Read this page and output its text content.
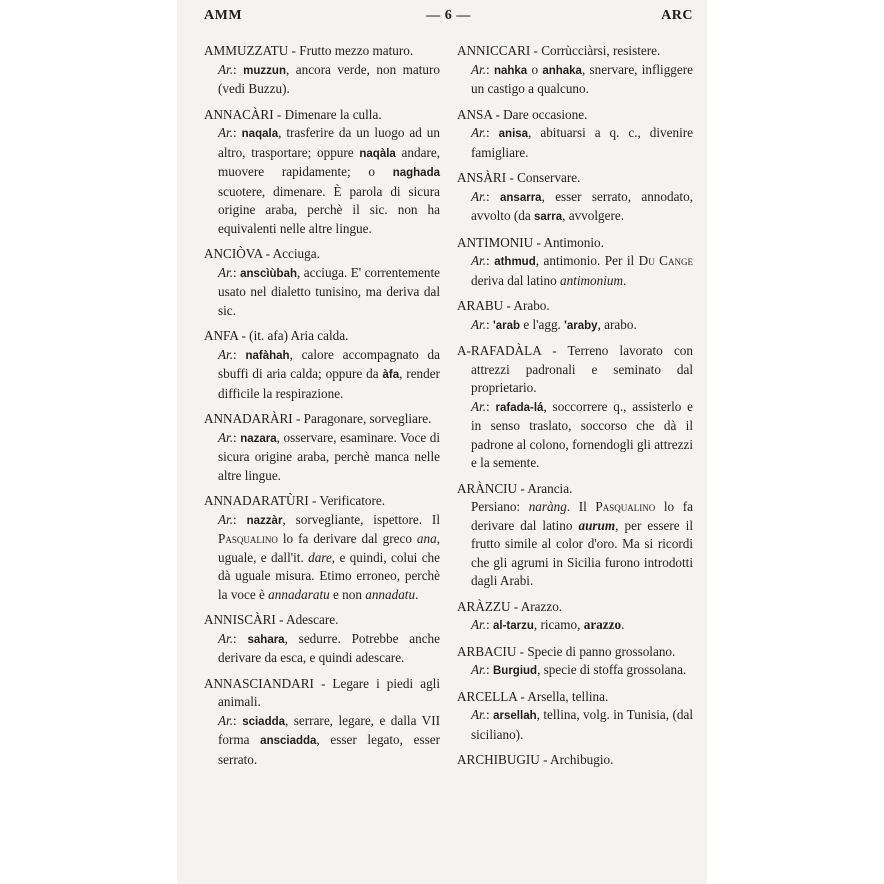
AMM	— 6 —	ARC
AMMUZZATU - Frutto mezzo maturo.
Ar.: muzzun, ancora verde, non maturo (vedi Buzzu).
ANNACÀRI - Dimenare la culla.
Ar.: naqala, trasferire da un luogo ad un altro, trasportare; oppure naqàla andare, muovere rapidamente; o naghada scuotere, dimenare. È parola di sicura origine araba, perchè il sic. non ha equivalenti nelle altre lingue.
ANCIÒVA - Acciuga.
Ar.: anscìùbah, acciuga. E' correntemente usato nel dialetto tunisino, ma deriva dal sic.
ANFA - (it. afa) Aria calda.
Ar.: nafàhah, calore accompagnato da sbuffi di aria calda; oppure da àfa, render difficile la respirazione.
ANNADARÀRI - Paragonare, sorvegliare.
Ar.: nazara, osservare, esaminare. Voce di sicura origine araba, perchè manca nelle altre lingue.
ANNADARATÙRI - Verificatore.
Ar.: nazzàr, sorvegliante, ispettore. Il Pasqualino lo fa derivare dal greco ana, uguale, e dall'it. dare, e quindi, colui che dà uguale misura. Etimo erroneo, perchè la voce è annadaratu e non annadatu.
ANNISCÀRI - Adescare.
Ar.: sahara, sedurre. Potrebbe anche derivare da esca, e quindi adescare.
ANNASCIANDARI - Legare i piedi agli animali.
Ar.: sciadda, serrare, legare, e dalla VII forma ansciadda, esser legato, esser serrato.
ANNICCARI - Corrùcciàrsi, resistere.
Ar.: nahka o anhaka, snervare, infliggere un castigo a qualcuno.
ANSA - Dare occasione.
Ar.: anisa, abituarsi a q. c., divenire famigliare.
ANSÀRI - Conservare.
Ar.: ansarra, esser serrato, annodato, avvolto (da sarra, avvolgere.
ANTIMONIU - Antimonio.
Ar.: athmud, antimonio. Per il Du Cange deriva dal latino antimonium.
ARABU - Arabo.
Ar.: 'arab e l'agg. 'araby, arabo.
A-RAFADÀLA - Terreno lavorato con attrezzi padronali e seminato dal proprietario.
Ar.: rafada-lá, soccorrere q., assisterlo e in senso traslato, soccorso che dà il padrone al colono, fornendogli gli attrezzi e la semente.
ARÀNCIU - Arancia.
Persiano: naràng. Il Pasqualino lo fa derivare dal latino aurum, per essere il frutto simile al color d'oro. Ma si ricordi che gli agrumi in Sicilia furono introdotti dagli Arabi.
ARÀZZU - Arazzo.
Ar.: al-tarzu, ricamo, arazzo.
ARBACIU - Specie di panno grossolano.
Ar.: Burgiud, specie di stoffa grossolana.
ARCELLA - Arsella, tellina.
Ar.: arsellah, tellina, volg. in Tunisia, (dal siciliano).
ARCHIBUGIU - Archibugio.
